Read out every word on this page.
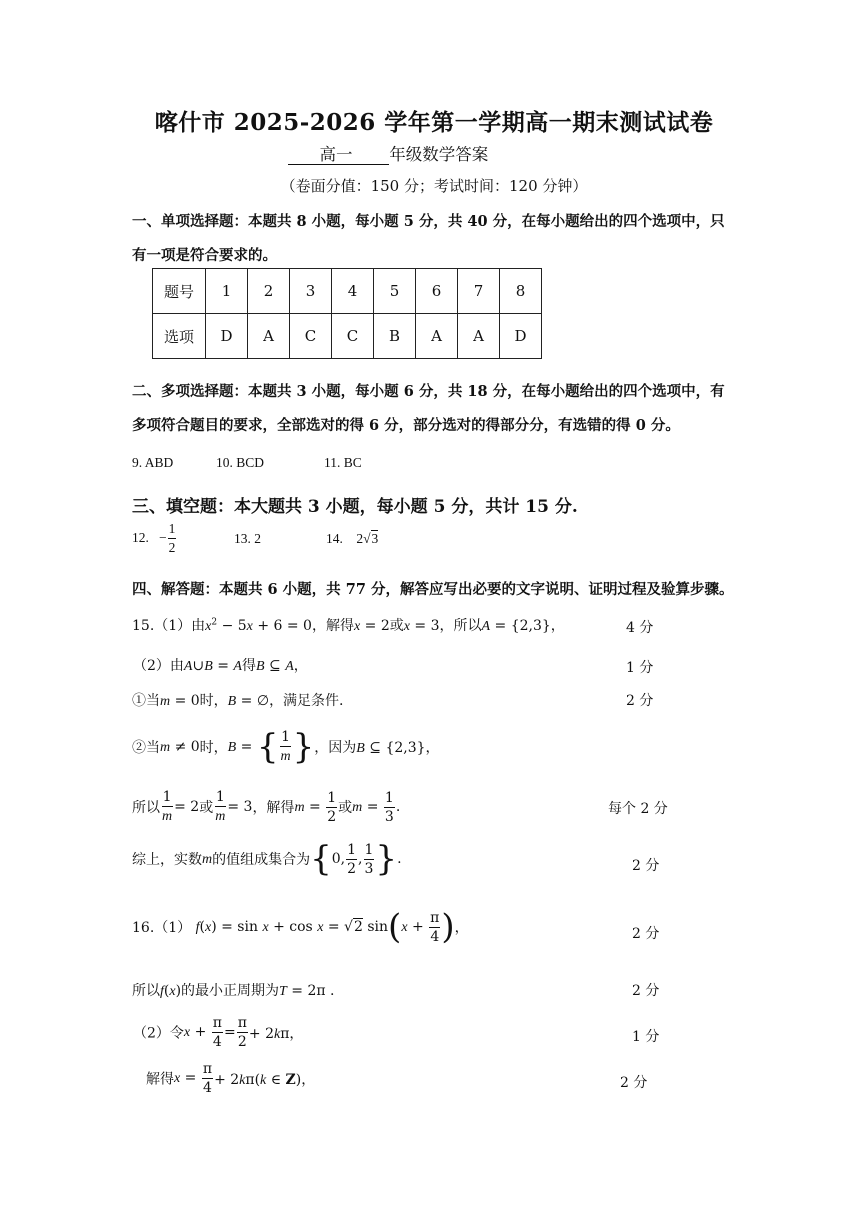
喀什市 2025-2026 学年第一学期高一期末测试试卷
高一 年级数学答案
（卷面分值：150 分；考试时间：120 分钟）
一、单项选择题：本题共 8 小题，每小题 5 分，共 40 分，在每小题给出的四个选项中，只
有一项是符合要求的。
题号	1	2	3	4	5	6	7	8
选项	D	A	C	C	B	A	A	D
二、多项选择题：本题共 3 小题，每小题 6 分，共 18 分，在每小题给出的四个选项中，有
多项符合题目的要求，全部选对的得 6 分，部分选对的得部分分，有选错的得 0 分。
9. ABD	10. BCD	11. BC
三、填空题：本大题共 3 小题，每小题 5 分，共计 15 分.
12. − $\frac{1}{2}$	13. 2	14.    2√3
四、解答题：本题共 6 小题，共 77 分，解答应写出必要的文字说明、证明过程及验算步骤。
15.（1）由$x^2 - 5x + 6 = 0$，解得x = 2或x = 3，所以A = {2,3}，	4 分
（2）由A∪B = A得B ⊆ A，	1 分
①当m = 0时，B = ∅，满足条件.	2 分
②当m ≠ 0时，B = { $\frac{1}{m}$ }，因为B ⊆ {2,3}，
所以 $\frac{1}{m} = 2$或 $\frac{1}{m} = 3$，解得$m = \frac{1}{2}$ 或$m = \frac{1}{3}$ .	每个 2 分
综上，实数m的值组成集合为{0, $\frac{1}{2}$ , $\frac{1}{3}$ }.	2 分
16.（1） f(x) = sin x + cos x = √2 $\sin(x + \frac{\pi}{4}$ )，	2 分
所以f(x)的最小正周期为T = 2π .	2 分
（2）令$x + \frac{\pi}{4} = \frac{\pi}{2} + 2k\pi$，	1 分
解得$x = \frac{\pi}{4} + 2k\pi(k$ ∈ Z)，	2 分
